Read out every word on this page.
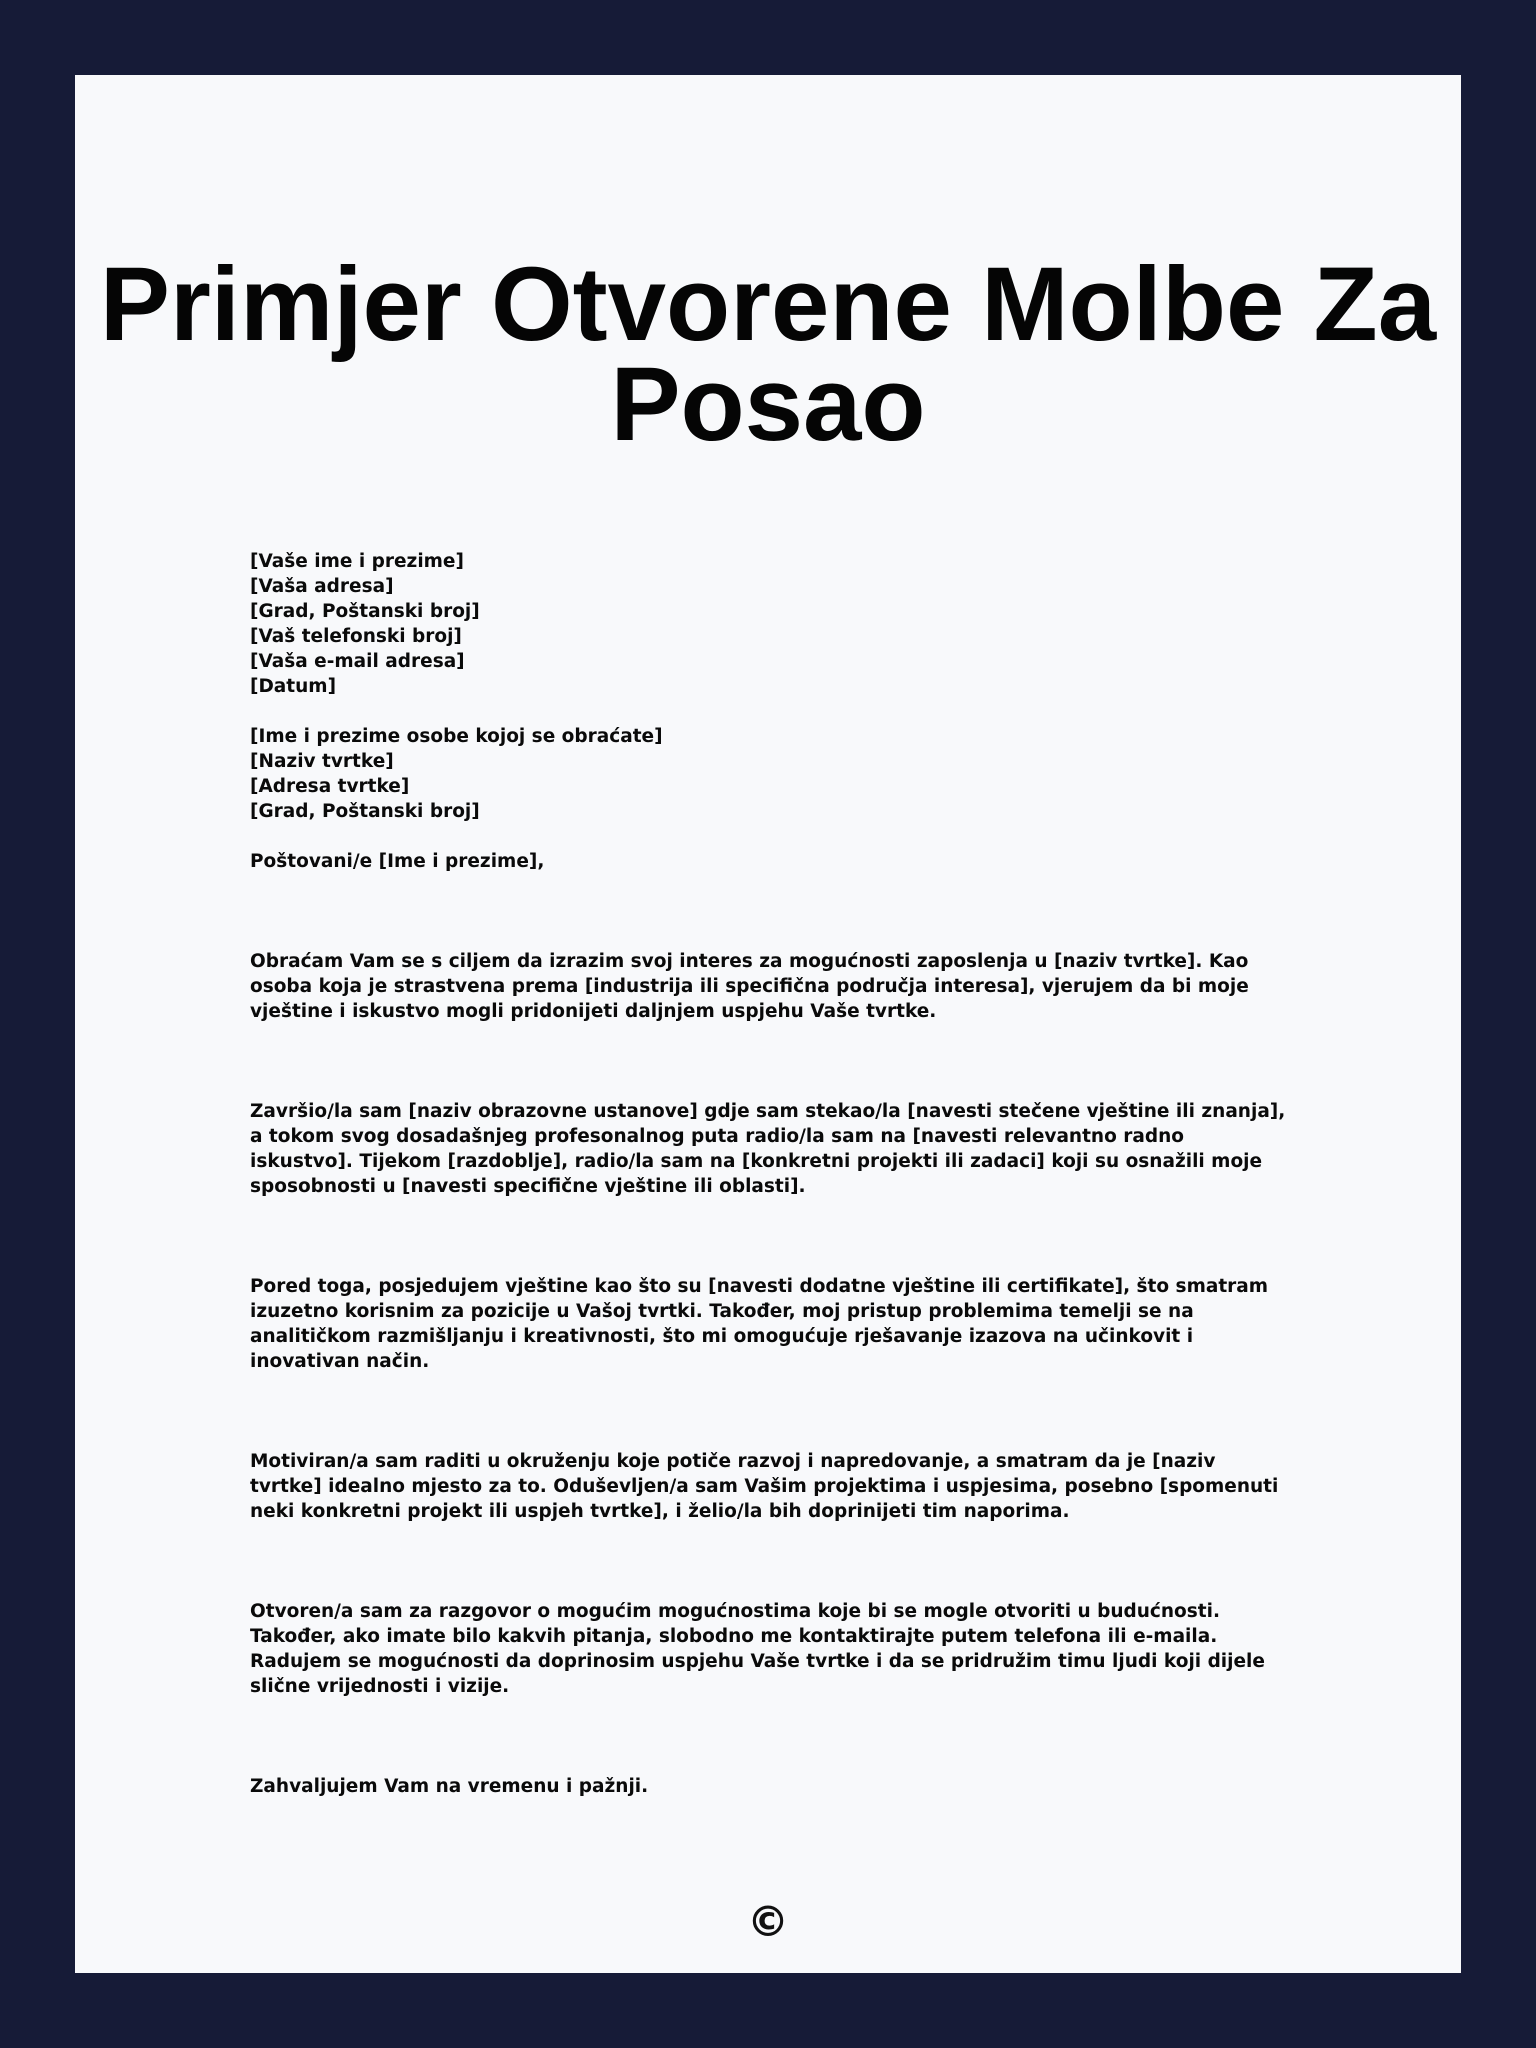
Primjer Otvorene Molbe Za Posao
[Vaše ime i prezime]
[Vaša adresa]
[Grad, Poštanski broj]
[Vaš telefonski broj]
[Vaša e-mail adresa]
[Datum]
[Ime i prezime osobe kojoj se obraćate]
[Naziv tvrtke]
[Adresa tvrtke]
[Grad, Poštanski broj]

Poštovani/e [Ime i prezime],

Obraćam Vam se s ciljem da izrazim svoj interes za mogućnosti zaposlenja u [naziv tvrtke]. Kao osoba koja je strastvena prema [industrija ili specifična područja interesa], vjerujem da bi moje vještine i iskustvo mogli pridonijeti daljnjem uspjehu Vaše tvrtke.

Završio/la sam [naziv obrazovne ustanove] gdje sam stekao/la [navesti stečene vještine ili znanja], a tokom svog dosadašnjeg profesonalnog puta radio/la sam na [navesti relevantno radno iskustvo]. Tijekom [razdoblje], radio/la sam na [konkretni projekti ili zadaci] koji su osnažili moje sposobnosti u [navesti specifične vještine ili oblasti].

Pored toga, posjedujem vještine kao što su [navesti dodatne vještine ili certifikate], što smatram izuzetno korisnim za pozicije u Vašoj tvrtki. Također, moj pristup problemima temelji se na analitičkom razmišljanju i kreativnosti, što mi omogućuje rješavanje izazova na učinkovit i inovativan način.

Motiviran/a sam raditi u okruženju koje potiče razvoj i napredovanje, a smatram da je [naziv tvrtke] idealno mjesto za to. Oduševljen/a sam Vašim projektima i uspjesima, posebno [spomenuti neki konkretni projekt ili uspjeh tvrtke], i želio/la bih doprinijeti tim naporima.

Otvoren/a sam za razgovor o mogućim mogućnostima koje bi se mogle otvoriti u budućnosti. Također, ako imate bilo kakvih pitanja, slobodno me kontaktirajte putem telefona ili e-maila. Radujem se mogućnosti da doprinosim uspjehu Vaše tvrtke i da se pridružim timu ljudi koji dijele slične vrijednosti i vizije.

Zahvaljujem Vam na vremenu i pažnji.

©
